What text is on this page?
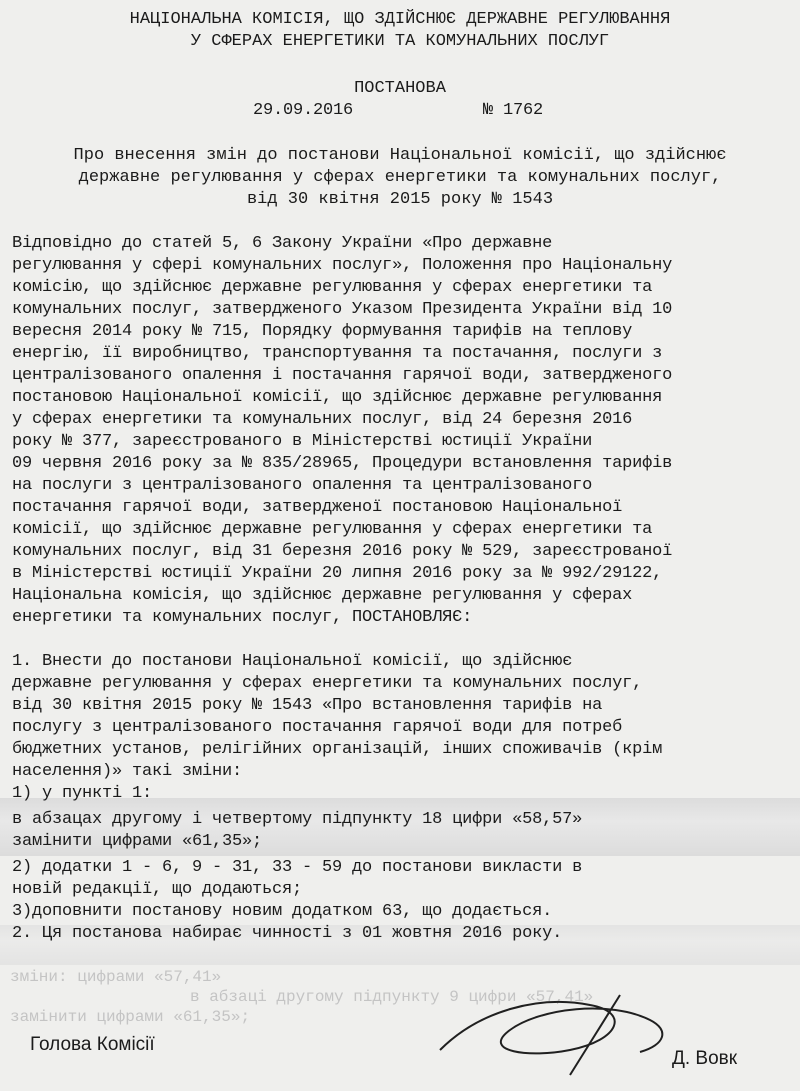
зміни: цифрами «57,41»
в абзаці другому підпункту 9 цифри «57,41»
замінити цифрами «61,35»;
НАЦІОНАЛЬНА КОМІСІЯ, ЩО ЗДІЙСНЮЄ ДЕРЖАВНЕ РЕГУЛЮВАННЯ
У СФЕРАХ ЕНЕРГЕТИКИ ТА КОМУНАЛЬНИХ ПОСЛУГ
ПОСТАНОВА
29.09.2016	№ 1762
Про внесення змін до постанови Національної комісії, що здійснює
державне регулювання у сферах енергетики та комунальних послуг,
від 30 квітня 2015 року № 1543
Відповідно до статей 5, 6 Закону України «Про державне
регулювання у сфері комунальних послуг», Положення про Національну
комісію, що здійснює державне регулювання у сферах енергетики та
комунальних послуг, затвердженого Указом Президента України від 10
вересня 2014 року № 715, Порядку формування тарифів на теплову
енергію, її виробництво, транспортування та постачання, послуги з
централізованого опалення і постачання гарячої води, затвердженого
постановою Національної комісії, що здійснює державне регулювання
у сферах енергетики та комунальних послуг, від 24 березня 2016
року № 377, зареєстрованого в Міністерстві юстиції України
09 червня 2016 року за № 835/28965, Процедури встановлення тарифів
на послуги з централізованого опалення та централізованого
постачання гарячої води, затвердженої постановою Національної
комісії, що здійснює державне регулювання у сферах енергетики та
комунальних послуг, від 31 березня 2016 року № 529, зареєстрованої
в Міністерстві юстиції України 20 липня 2016 року за № 992/29122,
Національна комісія, що здійснює державне регулювання у сферах
енергетики та комунальних послуг, ПОСТАНОВЛЯЄ:
1. Внести до постанови Національної комісії, що здійснює
державне регулювання у сферах енергетики та комунальних послуг,
від 30 квітня 2015 року № 1543 «Про встановлення тарифів на
послугу з централізованого постачання гарячої води для потреб
бюджетних установ, релігійних організацій, інших споживачів (крім
населення)» такі зміни:
1) у пункті 1:
в абзацах другому і четвертому підпункту 18 цифри «58,57»
замінити цифрами «61,35»;
2) додатки 1 - 6, 9 - 31, 33 - 59 до постанови викласти в
новій редакції, що додаються;
3)доповнити постанову новим додатком 63, що додається.
2. Ця постанова набирає чинності з 01 жовтня 2016 року.
Голова Комісії
Д. Вовк
